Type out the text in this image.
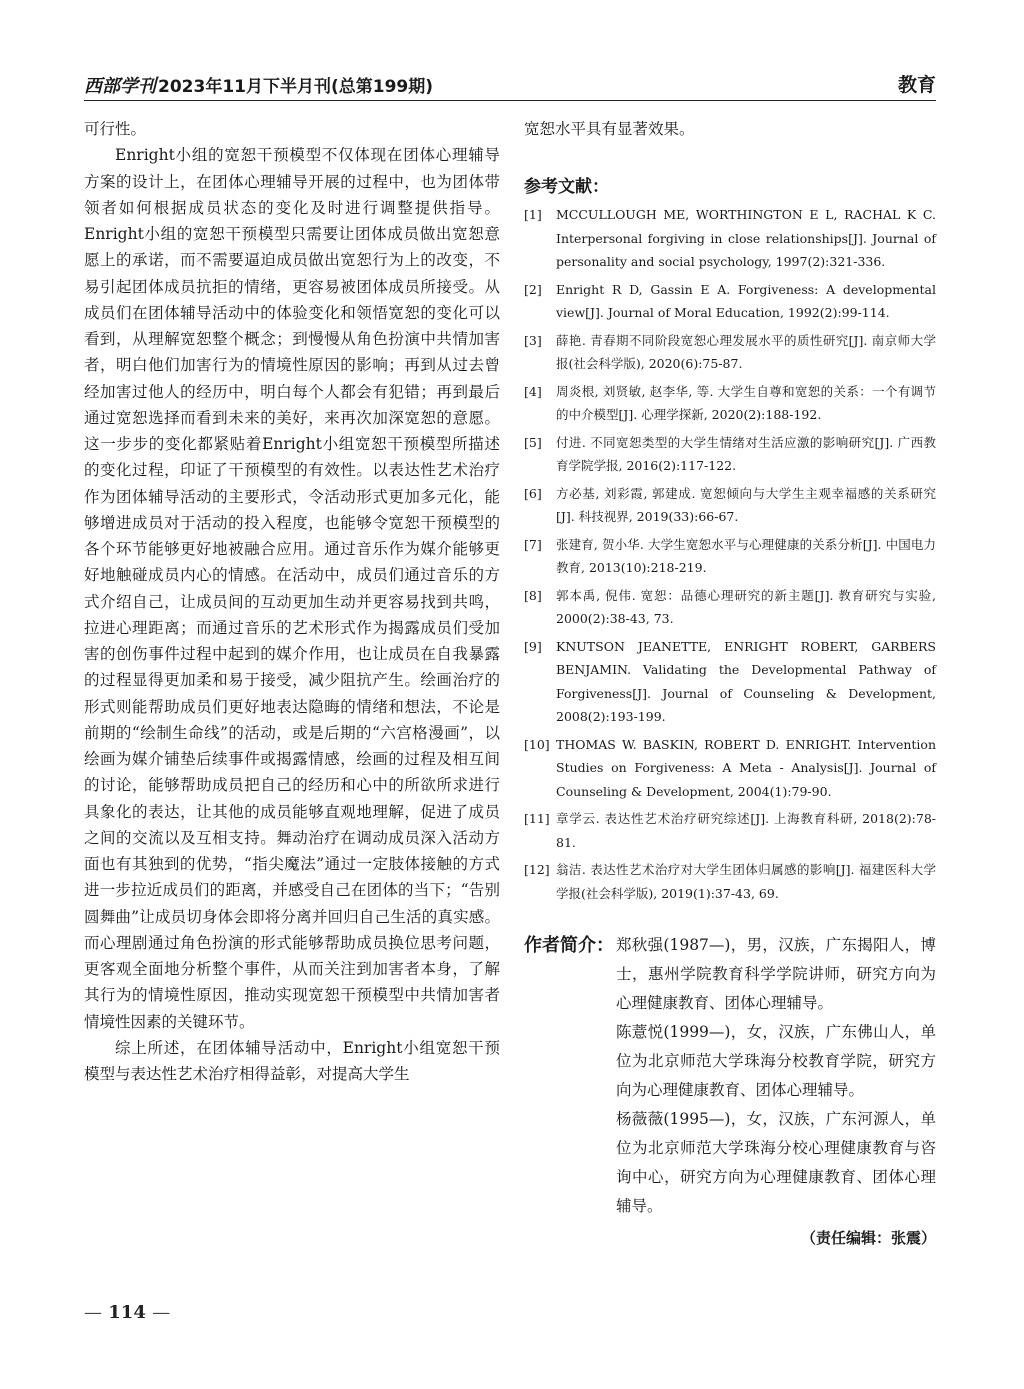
西部学刊 2023年11月下半月刊(总第199期)	教育

可行性。

Enright小组的宽恕干预模型不仅体现在团体心理辅导方案的设计上，在团体心理辅导开展的过程中，也为团体带领者如何根据成员状态的变化及时进行调整提供指导。Enright小组的宽恕干预模型只需要让团体成员做出宽恕意愿上的承诺，而不需要逼迫成员做出宽恕行为上的改变，不易引起团体成员抗拒的情绪，更容易被团体成员所接受。从成员们在团体辅导活动中的体验变化和领悟宽恕的变化可以看到，从理解宽恕整个概念；到慢慢从角色扮演中共情加害者，明白他们加害行为的情境性原因的影响；再到从过去曾经加害过他人的经历中，明白每个人都会有犯错；再到最后通过宽恕选择而看到未来的美好，来再次加深宽恕的意愿。这一步步的变化都紧贴着Enright小组宽恕干预模型所描述的变化过程，印证了干预模型的有效性。以表达性艺术治疗作为团体辅导活动的主要形式，令活动形式更加多元化，能够增进成员对于活动的投入程度，也能够令宽恕干预模型的各个环节能够更好地被融合应用。通过音乐作为媒介能够更好地触碰成员内心的情感。在活动中，成员们通过音乐的方式介绍自己，让成员间的互动更加生动并更容易找到共鸣，拉进心理距离；而通过音乐的艺术形式作为揭露成员们受加害的创伤事件过程中起到的媒介作用，也让成员在自我暴露的过程显得更加柔和易于接受，减少阻抗产生。绘画治疗的形式则能帮助成员们更好地表达隐晦的情绪和想法，不论是前期的“绘制生命线”的活动，或是后期的“六宫格漫画”，以绘画为媒介铺垫后续事件或揭露情感，绘画的过程及相互间的讨论，能够帮助成员把自己的经历和心中的所欲所求进行具象化的表达，让其他的成员能够直观地理解，促进了成员之间的交流以及互相支持。舞动治疗在调动成员深入活动方面也有其独到的优势，“指尖魔法”通过一定肢体接触的方式进一步拉近成员们的距离，并感受自己在团体的当下；“告别圆舞曲”让成员切身体会即将分离并回归自己生活的真实感。而心理剧通过角色扮演的形式能够帮助成员换位思考问题，更客观全面地分析整个事件，从而关注到加害者本身，了解其行为的情境性原因，推动实现宽恕干预模型中共情加害者情境性因素的关键环节。

综上所述，在团体辅导活动中，Enright小组宽恕干预模型与表达性艺术治疗相得益彰，对提高大学生

宽恕水平具有显著效果。

参考文献：
[1] MCCULLOUGH ME, WORTHINGTON E L, RACHAL K C. Interpersonal forgiving in close relationships[J]. Journal of personality and social psychology, 1997(2):321-336.
[2] Enright R D, Gassin E A. Forgiveness: A developmental view[J]. Journal of Moral Education, 1992(2):99-114.
[3] 薛艳. 青春期不同阶段宽恕心理发展水平的质性研究[J]. 南京师大学报(社会科学版), 2020(6):75-87.
[4] 周炎根, 刘贤敏, 赵李华, 等. 大学生自尊和宽恕的关系：一个有调节的中介模型[J]. 心理学探新, 2020(2):188-192.
[5] 付进. 不同宽恕类型的大学生情绪对生活应激的影响研究[J]. 广西教育学院学报, 2016(2):117-122.
[6] 方必基, 刘彩霞, 郭建成. 宽恕倾向与大学生主观幸福感的关系研究[J]. 科技视界, 2019(33):66-67.
[7] 张建育, 贺小华. 大学生宽恕水平与心理健康的关系分析[J]. 中国电力教育, 2013(10):218-219.
[8] 郭本禹, 倪伟. 宽恕：品德心理研究的新主题[J]. 教育研究与实验, 2000(2):38-43, 73.
[9] KNUTSON JEANETTE, ENRIGHT ROBERT, GARBERS BENJAMIN. Validating the Developmental Pathway of Forgiveness[J]. Journal of Counseling & Development, 2008(2):193-199.
[10] THOMAS W. BASKIN, ROBERT D. ENRIGHT. Intervention Studies on Forgiveness: A Meta - Analysis[J]. Journal of Counseling & Development, 2004(1):79-90.
[11] 章学云. 表达性艺术治疗研究综述[J]. 上海教育科研, 2018(2):78-81.
[12] 翁洁. 表达性艺术治疗对大学生团体归属感的影响[J]. 福建医科大学学报(社会科学版), 2019(1):37-43, 69.
作者简介： 郑秋强(1987—)，男，汉族，广东揭阳人，博士，惠州学院教育科学学院讲师，研究方向为心理健康教育、团体心理辅导。

陈薏悦(1999—)，女，汉族，广东佛山人，单位为北京师范大学珠海分校教育学院，研究方向为心理健康教育、团体心理辅导。

杨薇薇(1995—)，女，汉族，广东河源人，单位为北京师范大学珠海分校心理健康教育与咨询中心，研究方向为心理健康教育、团体心理辅导。

（责任编辑：张震）
— 114 —
